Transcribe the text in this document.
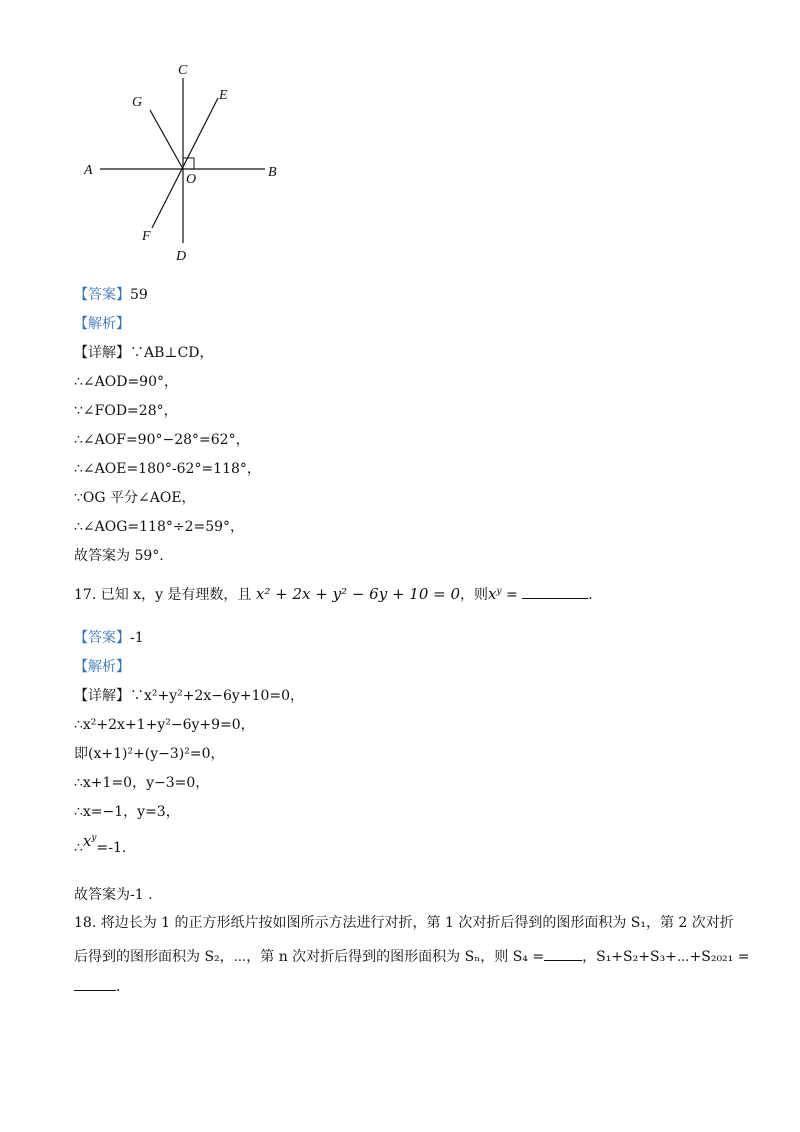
A	B
C
D
E
F
G
O
【答案】59
【解析】
【详解】∵AB⊥CD，
∴∠AOD=90°，
∵∠FOD=28°，
∴∠AOF=90°−28°=62°，
∴∠AOE=180°-62°=118°，
∵OG 平分∠AOE，
∴∠AOG=118°÷2=59°，
故答案为 59°.
17. 已知 x，y 是有理数，且 x² + 2x + y² − 6y + 10 = 0，则$x^y$ =	.
【答案】-1
【解析】
【详解】∵x²+y²+2x−6y+10=0，
∴x²+2x+1+y²−6y+9=0，
即(x+1)²+(y−3)²=0，
∴x+1=0，y−3=0，
∴x=−1，y=3，
$\therefore x^y=-1$.
故答案为-1 .
18. 将边长为 1 的正方形纸片按如图所示方法进行对折，第 1 次对折后得到的图形面积为 S₁，第 2 次对折
后得到的图形面积为 S₂，⋯，第 n 次对折后得到的图形面积为 Sₙ，则 S₄ =	，S₁+S₂+S₃+⋯+S₂₀₂₁ =
.
